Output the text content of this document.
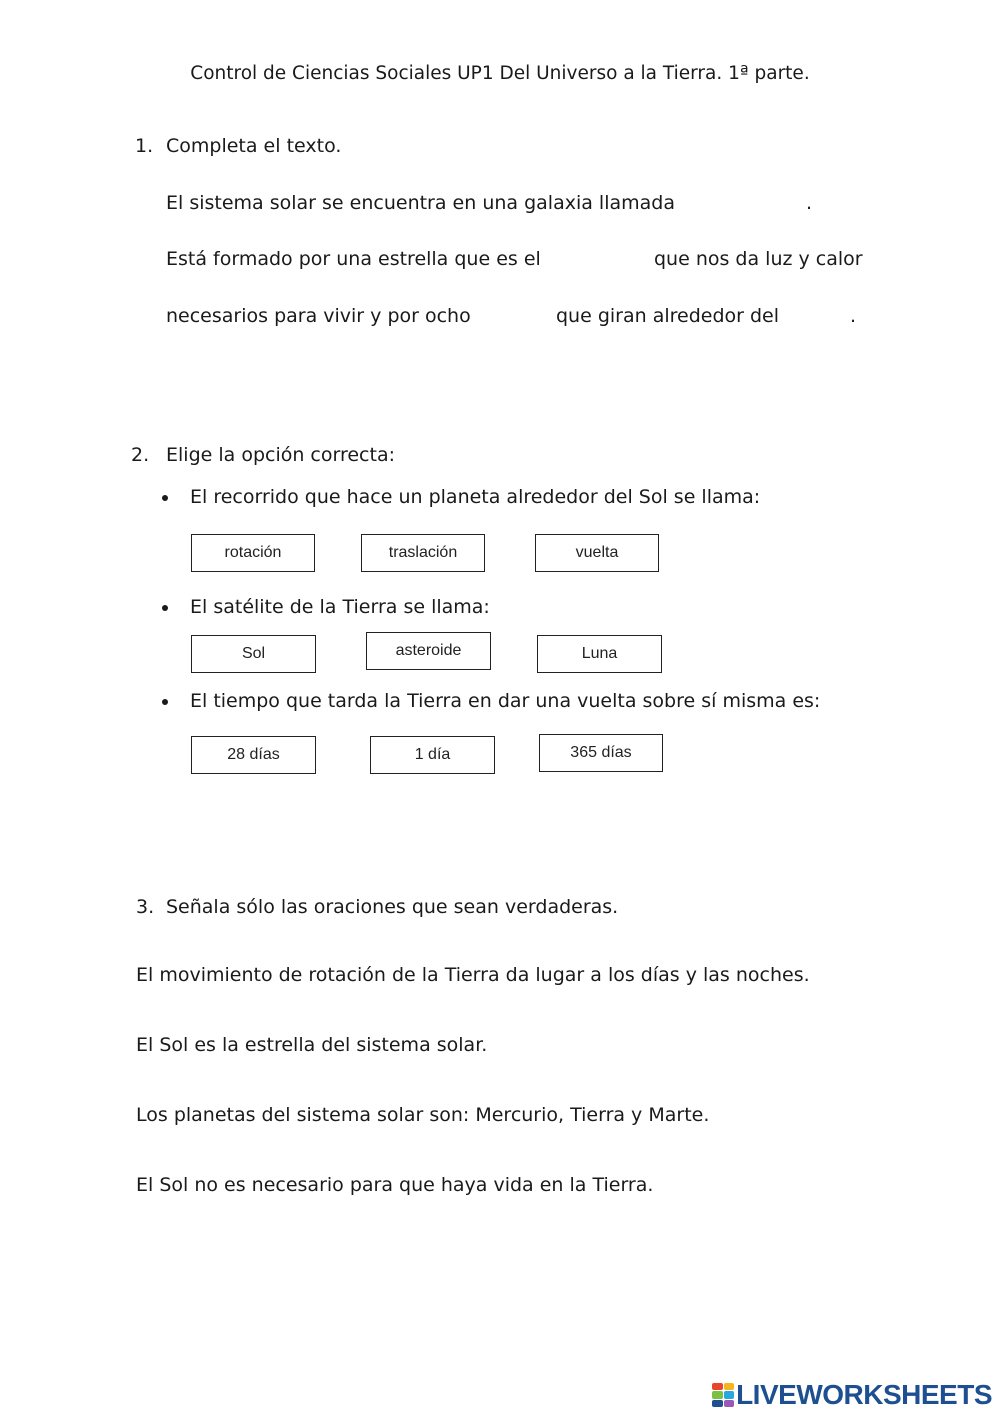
Control de Ciencias Sociales UP1 Del Universo a la Tierra. 1ª parte.
1. Completa el texto.
El sistema solar se encuentra en una galaxia llamada	.
Está formado por una estrella que es el	que nos da luz y calor
necesarios para vivir y por ocho	que giran alrededor del	.
2. Elige la opción correcta:
El recorrido que hace un planeta alrededor del Sol se llama:
rotación	traslación	vuelta
El satélite de la Tierra se llama:
Sol	asteroide	Luna
El tiempo que tarda la Tierra en dar una vuelta sobre sí misma es:
28 días	1 día	365 días
3. Señala sólo las oraciones que sean verdaderas.
El movimiento de rotación de la Tierra da lugar a los días y las noches.
El Sol es la estrella del sistema solar.
Los planetas del sistema solar son: Mercurio, Tierra y Marte.
El Sol no es necesario para que haya vida en la Tierra.
LIVEWORKSHEETS
